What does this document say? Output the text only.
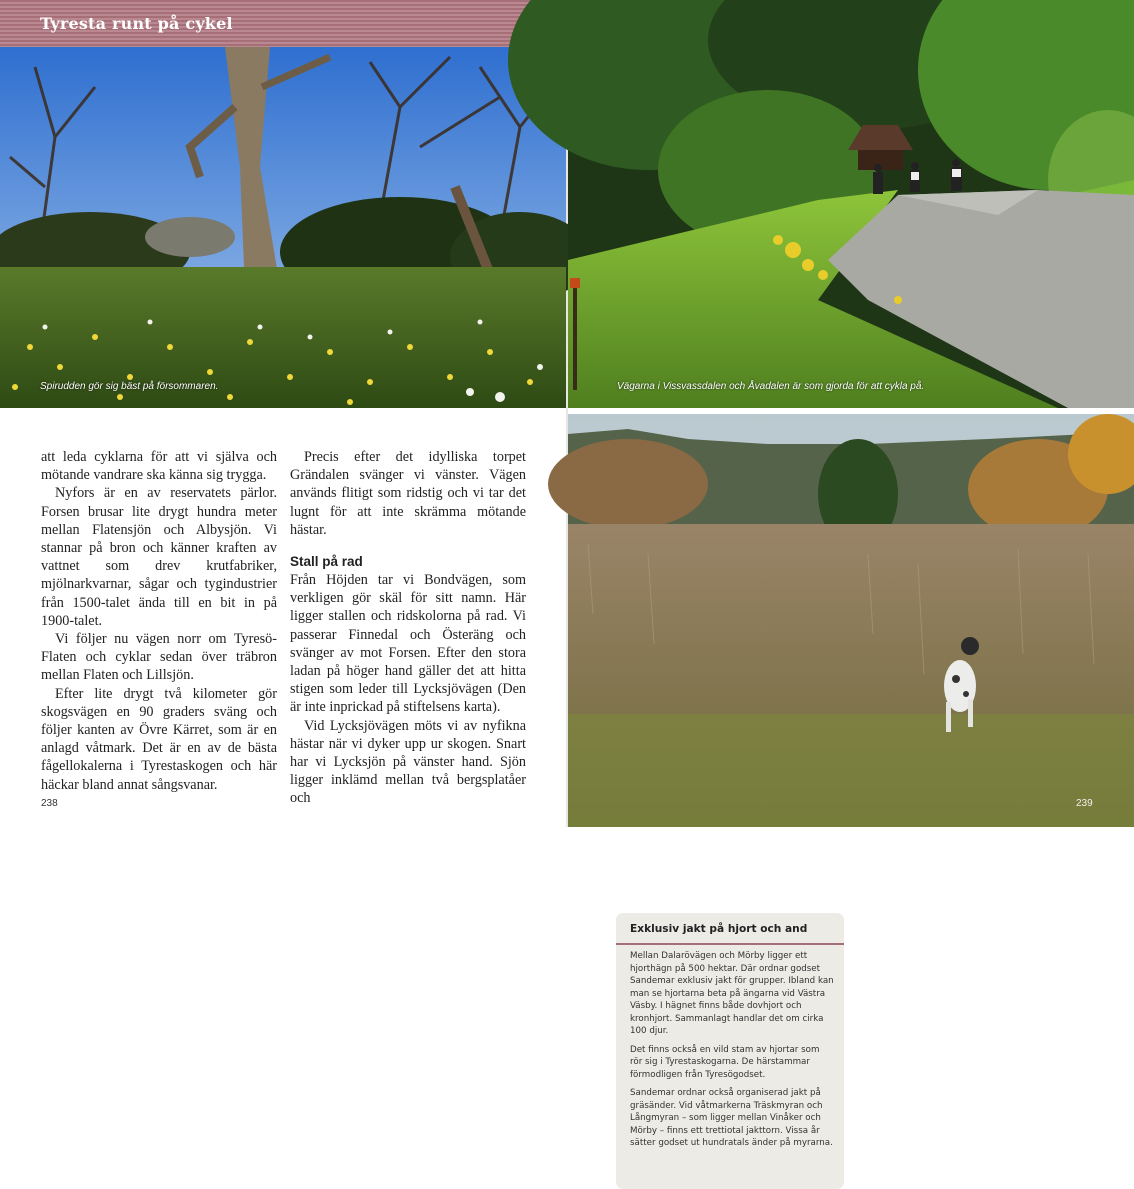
Spirudden gör sig bäst på försommaren.
Tyresta runt på cykel

att leda cyklarna för att vi själva och mötande vandrare ska känna sig trygga.

Nyfors är en av reservatets pärlor. Forsen brusar lite drygt hundra meter mellan Flatensjön och Albysjön. Vi stannar på bron och känner kraften av vattnet som drev krutfabriker, mjölnarkvarnar, sågar och tygindustrier från 1500-talet ända till en bit in på 1900-talet.

Vi följer nu vägen norr om Tyresö-Flaten och cyklar sedan över träbron mellan Flaten och Lillsjön.

Efter lite drygt två kilometer gör skogsvägen en 90 graders sväng och följer kanten av Övre Kärret, som är en anlagd våtmark. Det är en av de bästa fågellokalerna i Tyrestaskogen och här häckar bland annat sångsvanar.

Precis efter det idylliska torpet Grändalen svänger vi vänster. Vägen används flitigt som ridstig och vi tar det lugnt för att inte skrämma mötande hästar.

Stall på rad

Från Höjden tar vi Bondvägen, som verkligen gör skäl för sitt namn. Här ligger stallen och ridskolorna på rad. Vi passerar Finnedal och Österäng och svänger av mot Forsen. Efter den stora ladan på höger hand gäller det att hitta stigen som leder till Lycksjövägen (Den är inte inprickad på stiftelsens karta).

Vid Lycksjövägen möts vi av nyfikna hästar när vi dyker upp ur skogen. Snart har vi Lycksjön på vänster hand. Sjön ligger inklämd mellan två bergsplatåer och

238
Vägarna i Vissvassdalen och Åvadalen är som gjorda för att cykla på.
Exklusiv jakt på hjort och and

Mellan Dalarövägen och Mörby ligger ett hjorthägn på 500 hektar. Där ordnar godset Sandemar exklusiv jakt för grupper. Ibland kan man se hjortarna beta på ängarna vid Västra Väsby. I hägnet finns både dovhjort och kronhjort. Sammanlagt handlar det om cirka 100 djur.

Det finns också en vild stam av hjortar som rör sig i Tyrestaskogarna. De härstammar förmodligen från Tyresögodset.

Sandemar ordnar också organiserad jakt på gräsänder. Vid våtmarkerna Träskmyran och Långmyran – som ligger mellan Vinåker och Mörby – finns ett trettiotal jakttorn. Vissa år sätter godset ut hundratals änder på myrarna.

239
